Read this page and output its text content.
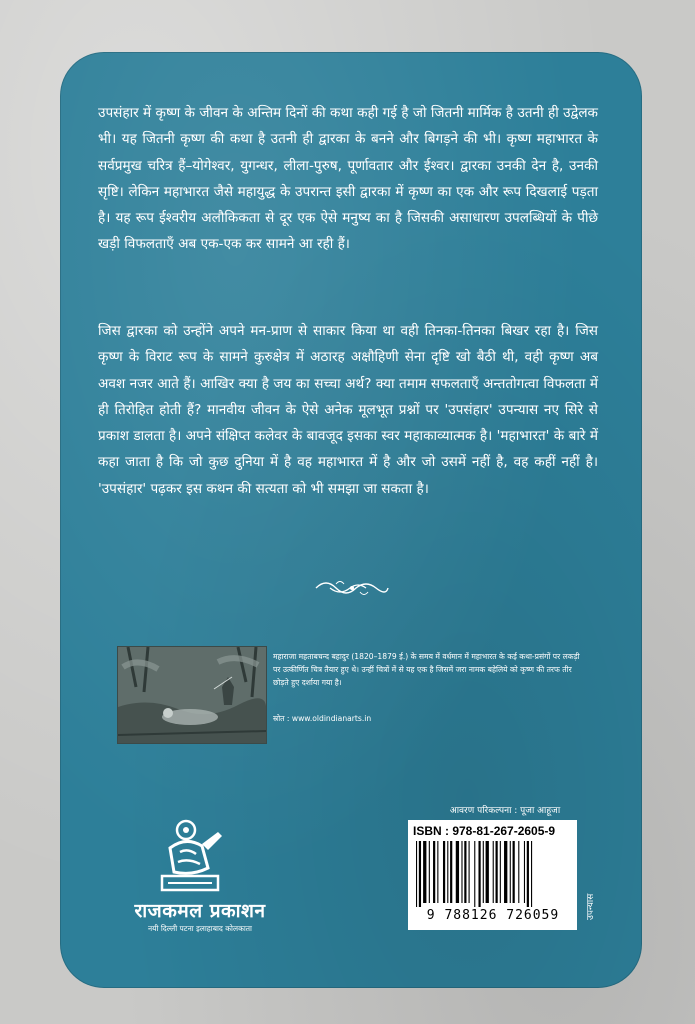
उपसंहार में कृष्ण के जीवन के अन्तिम दिनों की कथा कही गई है जो जितनी मार्मिक है उतनी ही उद्वेलक भी। यह जितनी कृष्ण की कथा है उतनी ही द्वारका के बनने और बिगड़ने की भी। कृष्ण महाभारत के सर्वप्रमुख चरित्र हैं–योगेश्वर, युगन्धर, लीला-पुरुष, पूर्णावतार और ईश्वर। द्वारका उनकी देन है, उनकी सृष्टि। लेकिन महाभारत जैसे महायुद्ध के उपरान्त इसी द्वारका में कृष्ण का एक और रूप दिखलाई पड़ता है। यह रूप ईश्वरीय अलौकिकता से दूर एक ऐसे मनुष्य का है जिसकी असाधारण उपलब्धियों के पीछे खड़ी विफलताएँ अब एक-एक कर सामने आ रही हैं।

जिस द्वारका को उन्होंने अपने मन-प्राण से साकार किया था वही तिनका-तिनका बिखर रहा है। जिस कृष्ण के विराट रूप के सामने कुरुक्षेत्र में अठारह अक्षौहिणी सेना दृष्टि खो बैठी थी, वही कृष्ण अब अवश नजर आते हैं। आखिर क्या है जय का सच्चा अर्थ? क्या तमाम सफलताएँ अन्ततोगत्वा विफलता में ही तिरोहित होती हैं? मानवीय जीवन के ऐसे अनेक मूलभूत प्रश्नों पर 'उपसंहार' उपन्यास नए सिरे से प्रकाश डालता है। अपने संक्षिप्त कलेवर के बावजूद इसका स्वर महाकाव्यात्मक है। 'महाभारत' के बारे में कहा जाता है कि जो कुछ दुनिया में है वह महाभारत में है और जो उसमें नहीं है, वह कहीं नहीं है। 'उपसंहार' पढ़कर इस कथन की सत्यता को भी समझा जा सकता है।

महाराजा महताबचन्द बहादुर (1820–1879 ई.) के समय में वर्धमान में महाभारत के कई कथा-प्रसंगों पर लकड़ी पर उत्कीर्णित चित्र तैयार हुए थे। उन्हीं चित्रों में से यह एक है जिसमें जरा नामक बहेलिये को कृष्ण की तरफ तीर छोड़ते हुए दर्शाया गया है।

स्रोत : www.oldindianarts.in
आवरण परिकल्पना : पूजा आहूजा
ISBN : 978-81-267-2605-9
9 788126 726059	उपन्यास
राजकमल प्रकाशन
नयी दिल्ली पटना इलाहाबाद कोलकाता
